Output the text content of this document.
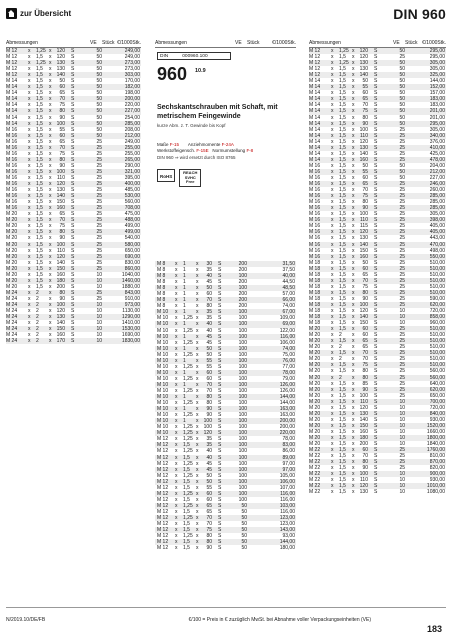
zur Übersicht	DIN 960
Abmessungen	VE Stück €/1000Stk.
M 12 x 1,25 x	120 S	50	249,00
M 12 x 1,5 x	120 S	50	249,00
M 12 x 1,25 x	130 S	50	273,00
M 12 x 1,5 x	130 S	50	273,00
M 12 x 1,5 x	140 S	50	303,00
M 14 x 1,5 x	50 S	50	170,00
M 14 x 1,5 x	60 S	50	182,00
M 14 x 1,5 x	65 S	50	198,00
M 14 x 1,5 x	70 S	50	200,00
M 14 x 1,5 x	75 S	50	220,00
M 14 x 1,5 x	80 S	50	227,00
M 14 x 1,5 x	90 S	50	254,00
M 14 x 1,5 x	100 S	50	285,00
M 16 x 1,5 x	55 S	50	208,00
M 16 x 1,5 x	60 S	50	212,00
M 16 x 1,5 x	65 S	25	249,00
M 16 x 1,5 x	70 S	25	255,00
M 16 x 1,5 x	75 S	25	255,00
M 16 x 1,5 x	80 S	25	265,00
M 16 x 1,5 x	90 S	25	290,00
M 16 x 1,5 x	100 S	25	321,00
M 16 x 1,5 x	110 S	25	395,00
M 16 x 1,5 x	120 S	25	400,00
M 16 x 1,5 x	130 S	25	485,00
M 16 x 1,5 x	140 S	25	530,00
M 16 x 1,5 x	150 S	25	560,00
M 16 x 1,5 x	160 S	25	708,00
M 20 x 1,5 x	65 S	25	475,00
M 20 x 1,5 x	70 S	25	488,00
M 20 x 1,5 x	75 S	25	499,00
M 20 x 1,5 x	80 S	25	499,00
M 20 x 1,5 x	90 S	25	540,00
M 20 x 1,5 x	100 S	25	580,00
M 20 x 1,5 x	110 S	25	650,00
M 20 x 1,5 x	120 S	25	690,00
M 20 x 1,5 x	140 S	25	830,00
M 20 x 1,5 x	150 S	25	860,00
M 20 x 1,5 x	160 S	10	1040,00
M 20 x 1,5 x	180 S	10	1460,00
M 20 x 1,5 x	200 S	10	1880,00
M 24 x 2 x	80 S	25	843,00
M 24 x 2 x	90 S	25	910,00
M 24 x 2 x	100 S	10	973,00
M 24 x 2 x	120 S	10	1130,00
M 24 x 2 x	130 S	10	1290,00
M 24 x 2 x	140 S	10	1410,00
M 24 x 2 x	150 S	10	1530,00
M 24 x 2 x	160 S	10	1690,00
M 24 x 2 x	170 S	10	1830,00
Abmessungen	VE Stück	€/1000Stk.
DIN	000960.100
960 10.9
Sechskantschrauben mit Schaft, mit metrischem Feingewinde
kurze Abm. z. T. Gewinde bis Kopf
Maße F-15 Anziehmomente F-24A
Werkstoffeigensch. F-15E Normumstellung F-8
DIN 960 ⇒ wird ersetzt durch ISO 8765
RoHS
REACH SVHC Free
M 8 x 1 x	30 S	200	31,50
M 8 x 1 x	35 S	200	37,50
M 8 x 1 x	40 S	100	40,00
M 8 x 1 x	45 S	200	44,50
M 8 x 1 x	50 S	100	48,50
M 8 x 1 x	60 S	200	57,00
M 8 x 1 x	70 S	200	66,00
M 8 x 1 x	80 S	200	74,00
M 10 x 1 x	35 S	100	67,00
M 10 x 1,25 x	35 S	100	109,00
M 10 x 1 x	40 S	100	69,00
M 10 x 1,25 x	40 S	100	122,00
M 10 x 1 x	45 S	100	116,00
M 10 x 1,25 x	45 S	100	106,00
M 10 x 1 x	50 S	100	74,00
M 10 x 1,25 x	50 S	100	75,00
M 10 x 1 x	55 S	100	76,00
M 10 x 1,25 x	55 S	100	77,00
M 10 x 1 x	60 S	100	78,00
M 10 x 1,25 x	60 S	100	79,00
M 10 x 1 x	70 S	100	126,00
M 10 x 1,25 x	70 S	100	126,00
M 10 x 1 x	80 S	100	144,00
M 10 x 1,25 x	80 S	100	144,00
M 10 x 1 x	90 S	100	163,00
M 10 x 1,25 x	90 S	100	163,00
M 10 x 1 x	100 S	100	200,00
M 10 x 1,25 x	100 S	100	200,00
M 10 x 1,25 x	120 S	100	220,00
M 12 x 1,25 x	35 S	100	78,00
M 12 x 1,5 x	35 S	100	83,00
M 12 x 1,25 x	40 S	100	86,00
M 12 x 1,5 x	40 S	100	89,00
M 12 x 1,25 x	45 S	100	97,00
M 12 x 1,5 x	45 S	100	97,00
M 12 x 1,25 x	50 S	100	105,00
M 12 x 1,5 x	50 S	100	106,00
M 12 x 1,5 x	55 S	100	107,00
M 12 x 1,25 x	60 S	100	116,00
M 12 x 1,5 x	60 S	100	116,00
M 12 x 1,25 x	65 S	50	103,00
M 12 x 1,5 x	65 S	50	116,00
M 12 x 1,25 x	70 S	50	123,00
M 12 x 1,5 x	70 S	50	123,00
M 12 x 1,5 x	75 S	50	143,00
M 12 x 1,25 x	80 S	50	93,00
M 12 x 1,5 x	80 S	50	144,00
M 12 x 1,5 x	90 S	50	180,00
Abmessungen	VE Stück €/1000Stk.
M 12 x 1,25 x	120 S	50	295,00
M 12 x 1,5 x	120 S	25	295,00
M 12 x 1,25 x	130 S	50	305,00
M 12 x 1,5 x	130 S	50	305,00
M 12 x 1,5 x	140 S	50	325,00
M 14 x 1,5 x	50 S	50	144,00
M 14 x 1,5 x	55 S	50	152,00
M 14 x 1,5 x	60 S	50	157,00
M 14 x 1,5 x	65 S	50	183,00
M 14 x 1,5 x	70 S	50	183,00
M 14 x 1,5 x	75 S	50	201,00
M 14 x 1,5 x	80 S	50	201,00
M 14 x 1,5 x	90 S	50	295,00
M 14 x 1,5 x	100 S	25	305,00
M 14 x 1,5 x	110 S	25	340,00
M 14 x 1,5 x	120 S	25	376,00
M 14 x 1,5 x	130 S	25	410,00
M 14 x 1,5 x	140 S	25	425,00
M 14 x 1,5 x	160 S	25	478,00
M 16 x 1,5 x	50 S	50	204,00
M 16 x 1,5 x	55 S	50	212,00
M 16 x 1,5 x	60 S	50	227,00
M 16 x 1,5 x	65 S	25	246,00
M 16 x 1,5 x	70 S	25	260,00
M 16 x 1,5 x	75 S	25	285,00
M 16 x 1,5 x	80 S	25	285,00
M 16 x 1,5 x	90 S	25	285,00
M 16 x 1,5 x	100 S	25	305,00
M 16 x 1,5 x	110 S	25	398,00
M 16 x 1,5 x	115 S	25	405,00
M 16 x 1,5 x	120 S	25	405,00
M 16 x 1,5 x	130 S	25	443,00
M 16 x 1,5 x	140 S	25	470,00
M 16 x 1,5 x	150 S	25	498,00
M 16 x 1,5 x	160 S	25	550,00
M 18 x 1,5 x	50 S	25	510,00
M 18 x 1,5 x	60 S	25	510,00
M 18 x 1,5 x	65 S	25	510,00
M 18 x 1,5 x	70 S	25	510,00
M 18 x 1,5 x	75 S	25	510,00
M 18 x 1,5 x	80 S	25	510,00
M 18 x 1,5 x	90 S	25	590,00
M 18 x 1,5 x	100 S	25	620,00
M 18 x 1,5 x	120 S	10	720,00
M 18 x 1,5 x	140 S	10	858,00
M 18 x 1,5 x	150 S	10	960,00
M 20 x 1,5 x	60 S	25	510,00
M 20 x 2 x	60 S	25	510,00
M 20 x 1,5 x	65 S	25	510,00
M 20 x 2 x	65 S	25	510,00
M 20 x 1,5 x	70 S	25	510,00
M 20 x 2 x	70 S	25	510,00
M 20 x 1,5 x	75 S	25	510,00
M 20 x 1,5 x	80 S	25	560,00
M 20 x 2 x	80 S	25	560,00
M 20 x 1,5 x	85 S	25	640,00
M 20 x 1,5 x	90 S	25	620,00
M 20 x 1,5 x	100 S	25	650,00
M 20 x 1,5 x	110 S	10	700,00
M 20 x 1,5 x	120 S	10	720,00
M 20 x 1,5 x	130 S	10	840,00
M 20 x 1,5 x	140 S	10	930,00
M 20 x 1,5 x	150 S	10	1520,00
M 20 x 1,5 x	160 S	10	1660,00
M 20 x 1,5 x	180 S	10	1800,00
M 20 x 1,5 x	200 S	10	1840,00
M 22 x 1,5 x	60 S	25	1760,00
M 22 x 1,5 x	70 S	25	810,00
M 22 x 1,5 x	80 S	25	870,00
M 22 x 1,5 x	90 S	25	820,00
M 22 x 1,5 x	100 S	10	900,00
M 22 x 1,5 x	110 S	10	930,00
M 22 x 1,5 x	120 S	10	1010,00
M 22 x 1,5 x	130 S	10	1080,00
N/2019.10/DE/FB	€/100 = Preis in € zuzüglich MwSt. bei Abnahme voller Verpackungseinheiten (VE)
183
